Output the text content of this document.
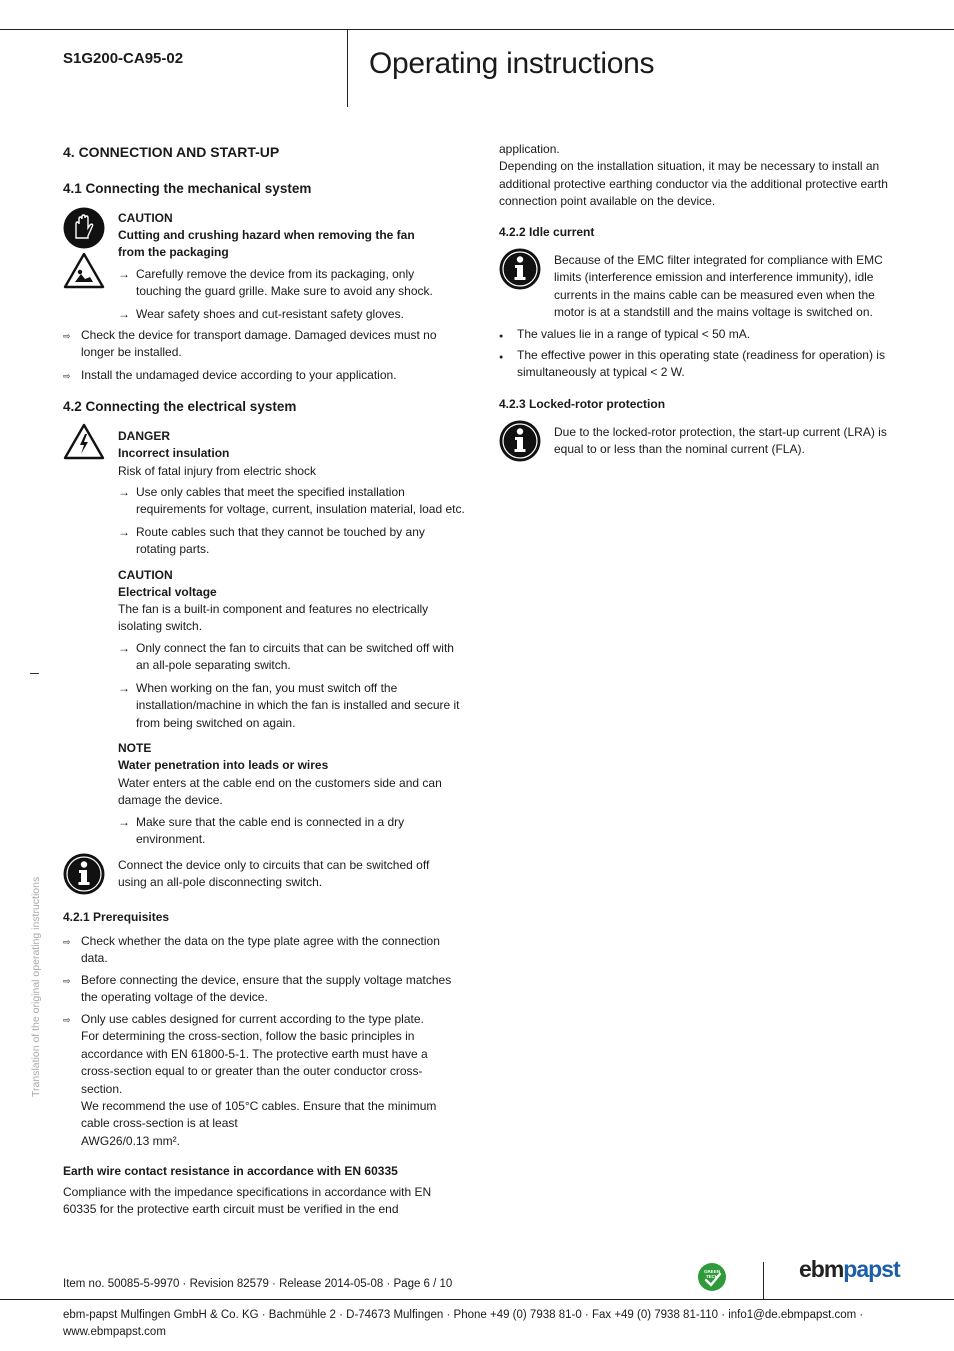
S1G200-CA95-02	Operating instructions
4. CONNECTION AND START-UP
4.1 Connecting the mechanical system
CAUTION
Cutting and crushing hazard when removing the fan
from the packaging
→ Carefully remove the device from its packaging, only

touching the guard grille. Make sure to avoid any shock.

→ Wear safety shoes and cut-resistant safety gloves.

⇨ Check the device for transport damage. Damaged devices must no

longer be installed.

⇨ Install the undamaged device according to your application.

4.2 Connecting the electrical system
DANGER
Incorrect insulation
Risk of fatal injury from electric shock
→ Use only cables that meet the specified installation

requirements for voltage, current, insulation material, load etc.

→ Route cables such that they cannot be touched by any

rotating parts.

CAUTION
Electrical voltage

The fan is a built-in component and features no electrically

isolating switch.

→ Only connect the fan to circuits that can be switched off with

an all-pole separating switch.

→ When working on the fan, you must switch off the

installation/machine in which the fan is installed and secure it

from being switched on again.

NOTE
Water penetration into leads or wires

Water enters at the cable end on the customers side and can

damage the device.

→ Make sure that the cable end is connected in a dry

environment.

Connect the device only to circuits that can be switched off

using an all-pole disconnecting switch.

4.2.1 Prerequisites
⇨ Check whether the data on the type plate agree with the connection

data.

⇨ Before connecting the device, ensure that the supply voltage matches

the operating voltage of the device.

⇨ Only use cables designed for current according to the type plate.

For determining the cross-section, follow the basic principles in

accordance with EN 61800-5-1. The protective earth must have a

cross-section equal to or greater than the outer conductor cross-

section.

We recommend the use of 105°C cables. Ensure that the minimum

cable cross-section is at least

AWG26/0.13 mm².

Earth wire contact resistance in accordance with EN 60335

Compliance with the impedance specifications in accordance with EN

60335 for the protective earth circuit must be verified in the end

application.

Depending on the installation situation, it may be necessary to install an

additional protective earthing conductor via the additional protective earth

connection point available on the device.

4.2.2 Idle current

Because of the EMC filter integrated for compliance with EMC

limits (interference emission and interference immunity), idle

currents in the mains cable can be measured even when the

motor is at a standstill and the mains voltage is switched on.

● The values lie in a range of typical < 50 mA.

● The effective power in this operating state (readiness for operation) is

simultaneously at typical < 2 W.

4.2.3 Locked-rotor protection

Due to the locked-rotor protection, the start-up current (LRA) is

equal to or less than the nominal current (FLA).

Translation of the original operating instructions
Item no. 50085-5-9970 · Revision 82579 · Release 2014-05-08 · Page 6 / 10
GREEN
TECH	ebmpapst
ebm-papst Mulfingen GmbH & Co. KG · Bachmühle 2 · D-74673 Mulfingen · Phone +49 (0) 7938 81-0 · Fax +49 (0) 7938 81-110 · info1@de.ebmpapst.com · www.ebmpapst.com
